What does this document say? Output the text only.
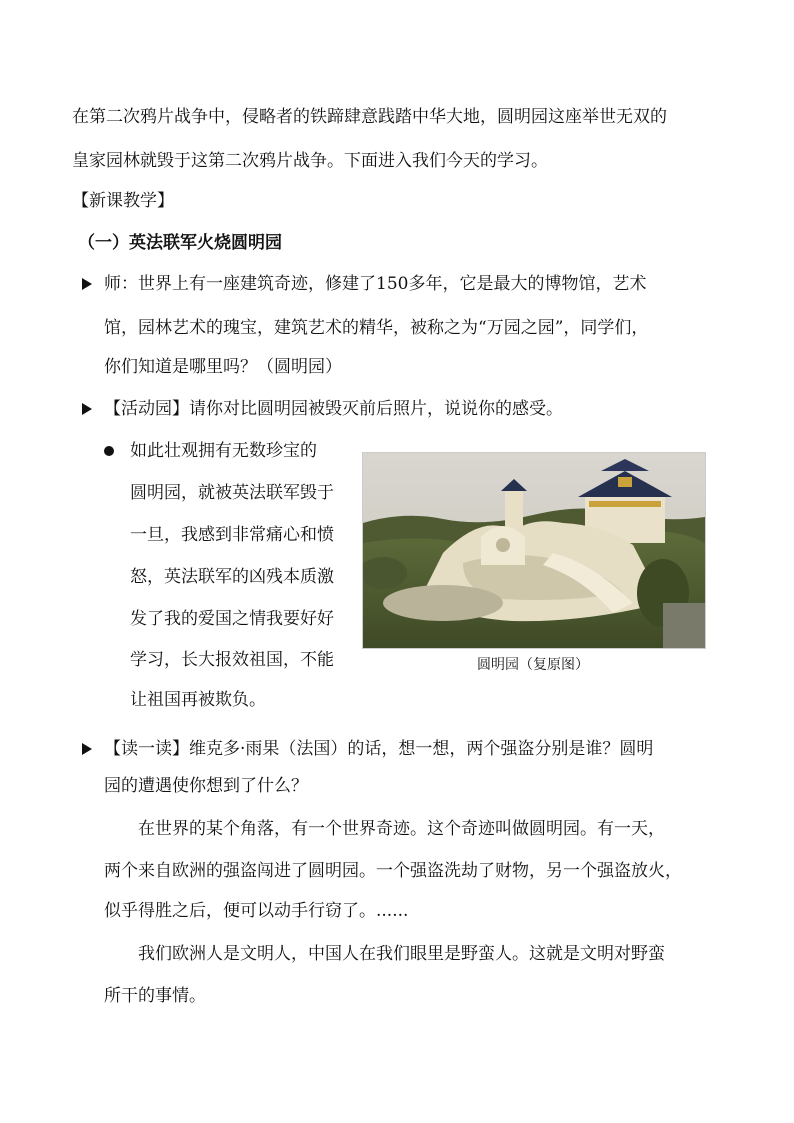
在第二次鸦片战争中，侵略者的铁蹄肆意践踏中华大地，圆明园这座举世无双的
皇家园林就毁于这第二次鸦片战争。下面进入我们今天的学习。
【新课教学】
（一）英法联军火烧圆明园
师：世界上有一座建筑奇迹，修建了150多年，它是最大的博物馆，艺术
馆，园林艺术的瑰宝，建筑艺术的精华，被称之为“万园之园”，同学们，
你们知道是哪里吗？（圆明园）
【活动园】请你对比圆明园被毁灭前后照片，说说你的感受。
如此壮观拥有无数珍宝的
圆明园，就被英法联军毁于
一旦，我感到非常痛心和愤
怒，英法联军的凶残本质激
发了我的爱国之情我要好好
学习，长大报效祖国，不能
让祖国再被欺负。
圆明园（复原图）
【读一读】维克多·雨果（法国）的话，想一想，两个强盗分别是谁？圆明
园的遭遇使你想到了什么？
在世界的某个角落，有一个世界奇迹。这个奇迹叫做圆明园。有一天，
两个来自欧洲的强盗闯进了圆明园。一个强盗洗劫了财物，另一个强盗放火，
似乎得胜之后，便可以动手行窃了。......
我们欧洲人是文明人，中国人在我们眼里是野蛮人。这就是文明对野蛮
所干的事情。
